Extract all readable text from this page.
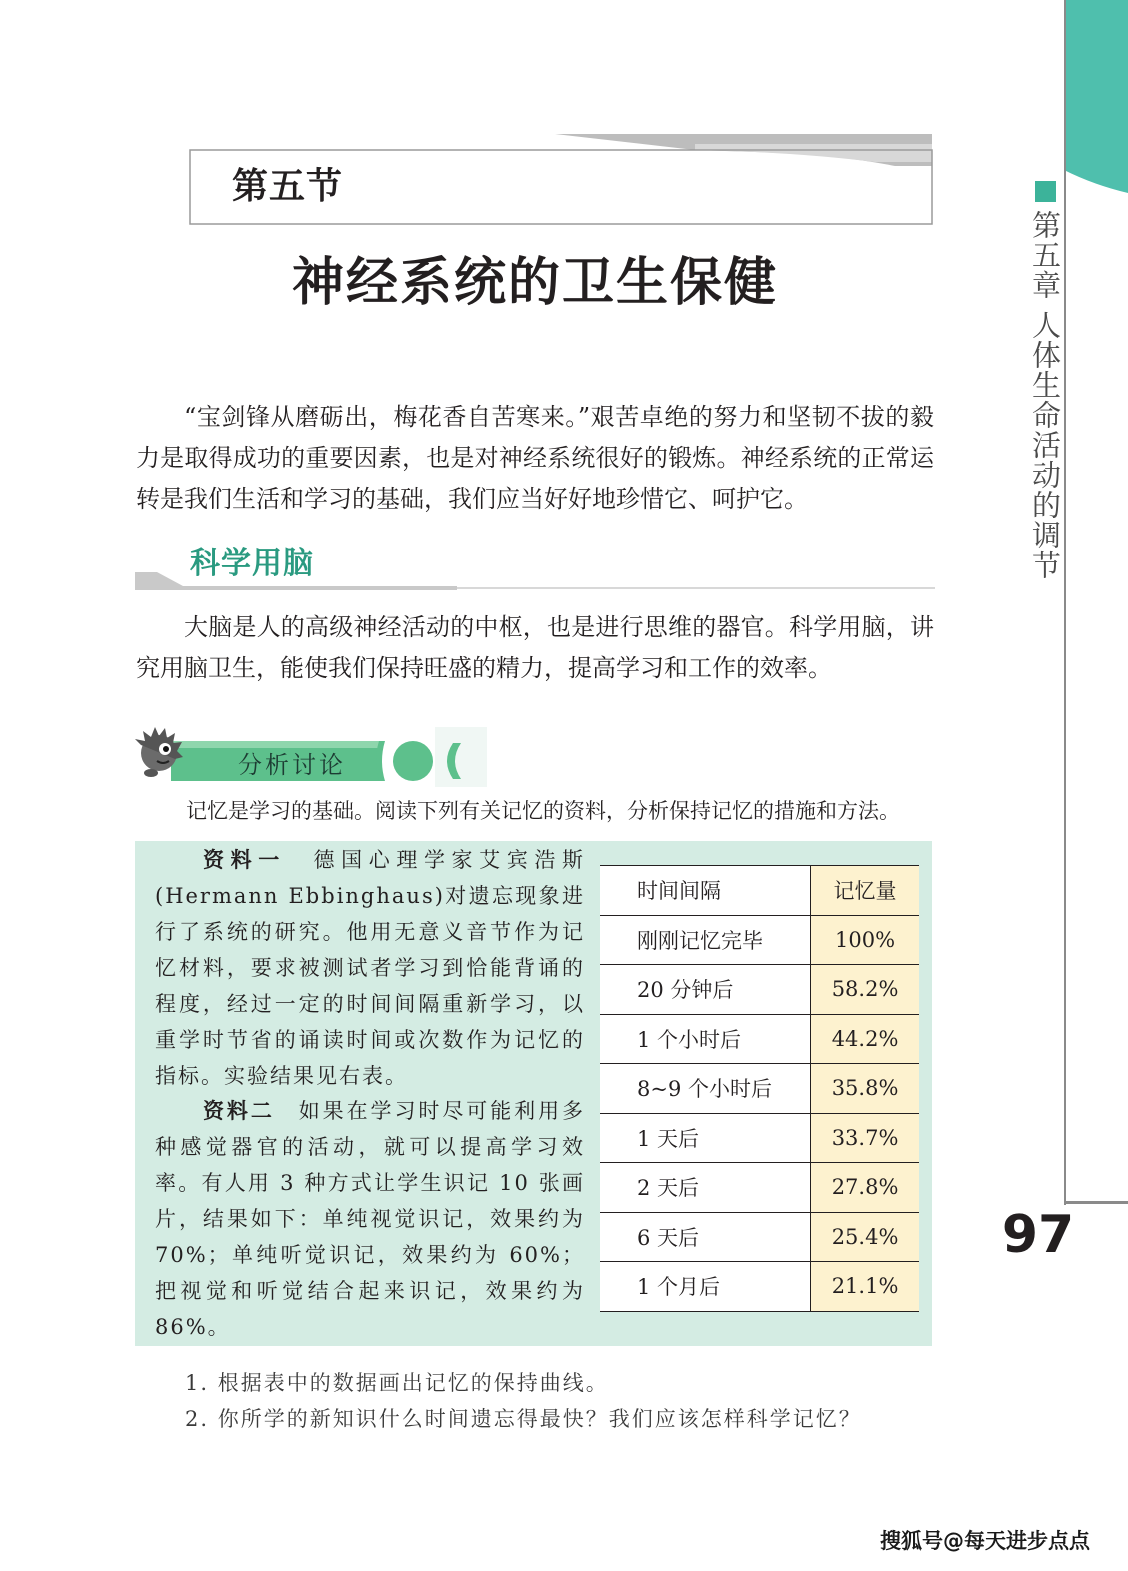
第五章 人体生命活动的调节
97
第五节
神经系统的卫生保健

“宝剑锋从磨砺出，梅花香自苦寒来。”艰苦卓绝的努力和坚韧不拔的毅力是取得成功的重要因素，也是对神经系统很好的锻炼。神经系统的正常运转是我们生活和学习的基础，我们应当好好地珍惜它、呵护它。

科学用脑

大脑是人的高级神经活动的中枢，也是进行思维的器官。科学用脑，讲究用脑卫生，能使我们保持旺盛的精力，提高学习和工作的效率。

分析讨论

记忆是学习的基础。阅读下列有关记忆的资料，分析保持记忆的措施和方法。

资料一　 德国心理学家艾宾浩斯(Hermann Ebbinghaus)对遗忘现象进行了系统的研究。他用无意义音节作为记忆材料，要求被测试者学习到恰能背诵的程度，经过一定的时间间隔重新学习，以重学时节省的诵读时间或次数作为记忆的指标。实验结果见右表。

资料二　 如果在学习时尽可能利用多种感觉器官的活动，就可以提高学习效率。有人用 3 种方式让学生识记 10 张画片，结果如下：单纯视觉识记，效果约为 70%；单纯听觉识记，效果约为 60%；把视觉和听觉结合起来识记，效果约为 86%。

时间间隔	记忆量
刚刚记忆完毕	100%
20 分钟后	58.2%
1 个小时后	44.2%
8~9 个小时后	35.8%
1 天后	33.7%
2 天后	27.8%
6 天后	25.4%
1 个月后	21.1%

1. 根据表中的数据画出记忆的保持曲线。

2. 你所学的新知识什么时间遗忘得最快？我们应该怎样科学记忆？

搜狐号@每天进步点点
